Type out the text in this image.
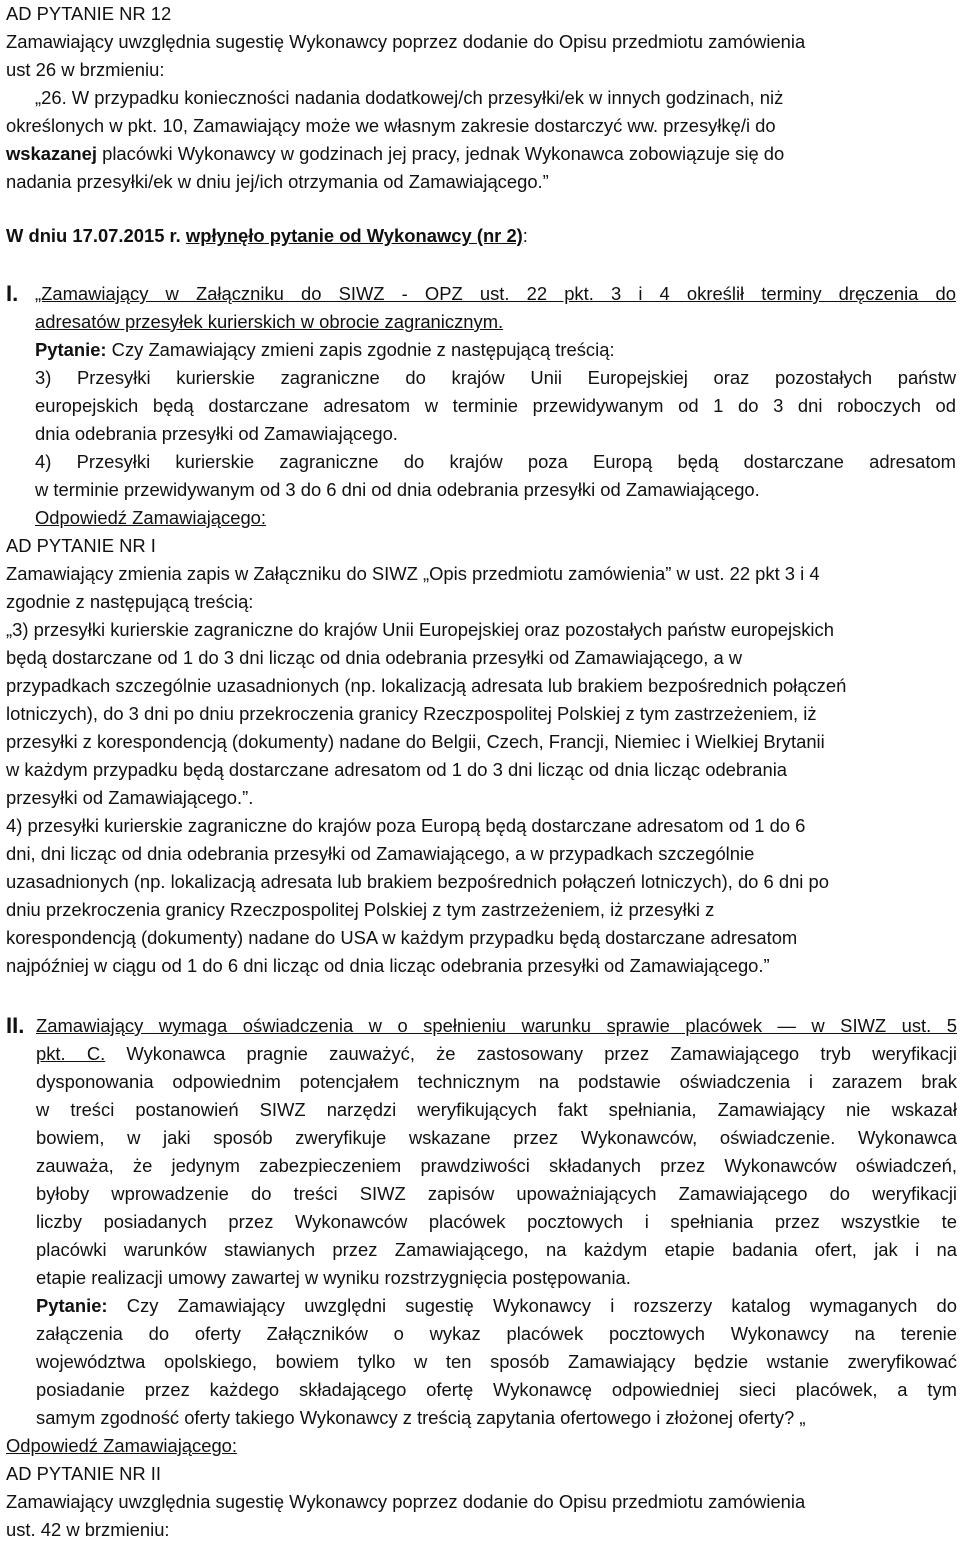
AD PYTANIE NR 12
Zamawiający uwzględnia sugestię Wykonawcy poprzez dodanie do Opisu przedmiotu zamówienia
ust 26 w brzmieniu:
„26. W przypadku konieczności nadania dodatkowej/ch przesyłki/ek w innych godzinach, niż
określonych w pkt. 10, Zamawiający może we własnym zakresie dostarczyć ww. przesyłkę/i do
wskazanej placówki Wykonawcy w godzinach jej pracy, jednak Wykonawca zobowiązuje się do
nadania przesyłki/ek w dniu jej/ich otrzymania od Zamawiającego.”
W dniu 17.07.2015 r. wpłynęło pytanie od Wykonawcy (nr 2):
I. „Zamawiający w Załączniku do SIWZ - OPZ ust. 22 pkt. 3 i 4 określił terminy dręczenia do
adresatów przesyłek kurierskich w obrocie zagranicznym.
Pytanie: Czy Zamawiający zmieni zapis zgodnie z następującą treścią:
3) Przesyłki kurierskie zagraniczne do krajów Unii Europejskiej oraz pozostałych państw
europejskich będą dostarczane adresatom w terminie przewidywanym od 1 do 3 dni roboczych od
dnia odebrania przesyłki od Zamawiającego.
4) Przesyłki kurierskie zagraniczne do krajów poza Europą będą dostarczane adresatom
w terminie przewidywanym od 3 do 6 dni od dnia odebrania przesyłki od Zamawiającego.
Odpowiedź Zamawiającego:
AD PYTANIE NR I
Zamawiający zmienia zapis w Załączniku do SIWZ „Opis przedmiotu zamówienia” w ust. 22 pkt 3 i 4
zgodnie z następującą treścią:
„3) przesyłki kurierskie zagraniczne do krajów Unii Europejskiej oraz pozostałych państw europejskich
będą dostarczane od 1 do 3 dni licząc od dnia odebrania przesyłki od Zamawiającego, a w
przypadkach szczególnie uzasadnionych (np. lokalizacją adresata lub brakiem bezpośrednich połączeń
lotniczych), do 3 dni po dniu przekroczenia granicy Rzeczpospolitej Polskiej z tym zastrzeżeniem, iż
przesyłki z korespondencją (dokumenty) nadane do Belgii, Czech, Francji, Niemiec i Wielkiej Brytanii
w każdym przypadku będą dostarczane adresatom od 1 do 3 dni licząc od dnia licząc odebrania
przesyłki od Zamawiającego.”.
4) przesyłki kurierskie zagraniczne do krajów poza Europą będą dostarczane adresatom od 1 do 6
dni, dni licząc od dnia odebrania przesyłki od Zamawiającego, a w przypadkach szczególnie
uzasadnionych (np. lokalizacją adresata lub brakiem bezpośrednich połączeń lotniczych), do 6 dni po
dniu przekroczenia granicy Rzeczpospolitej Polskiej z tym zastrzeżeniem, iż przesyłki z
korespondencją (dokumenty) nadane do USA w każdym przypadku będą dostarczane adresatom
najpóźniej w ciągu od 1 do 6 dni licząc od dnia licząc odebrania przesyłki od Zamawiającego.”
II. Zamawiający wymaga oświadczenia w o spełnieniu warunku sprawie placówek — w SIWZ ust. 5
pkt. C. Wykonawca pragnie zauważyć, że zastosowany przez Zamawiającego tryb weryfikacji
dysponowania odpowiednim potencjałem technicznym na podstawie oświadczenia i zarazem brak
w treści postanowień SIWZ narzędzi weryfikujących fakt spełniania, Zamawiający nie wskazał
bowiem, w jaki sposób zweryfikuje wskazane przez Wykonawców, oświadczenie. Wykonawca
zauważa, że jedynym zabezpieczeniem prawdziwości składanych przez Wykonawców oświadczeń,
byłoby wprowadzenie do treści SIWZ zapisów upoważniających Zamawiającego do weryfikacji
liczby posiadanych przez Wykonawców placówek pocztowych i spełniania przez wszystkie te
placówki warunków stawianych przez Zamawiającego, na każdym etapie badania ofert, jak i na
etapie realizacji umowy zawartej w wyniku rozstrzygnięcia postępowania.
Pytanie: Czy Zamawiający uwzględni sugestię Wykonawcy i rozszerzy katalog wymaganych do
załączenia do oferty Załączników o wykaz placówek pocztowych Wykonawcy na terenie
województwa opolskiego, bowiem tylko w ten sposób Zamawiający będzie wstanie zweryfikować
posiadanie przez każdego składającego ofertę Wykonawcę odpowiedniej sieci placówek, a tym
samym zgodność oferty takiego Wykonawcy z treścią zapytania ofertowego i złożonej oferty? „
Odpowiedź Zamawiającego:
AD PYTANIE NR II
Zamawiający uwzględnia sugestię Wykonawcy poprzez dodanie do Opisu przedmiotu zamówienia
ust. 42 w brzmieniu:
